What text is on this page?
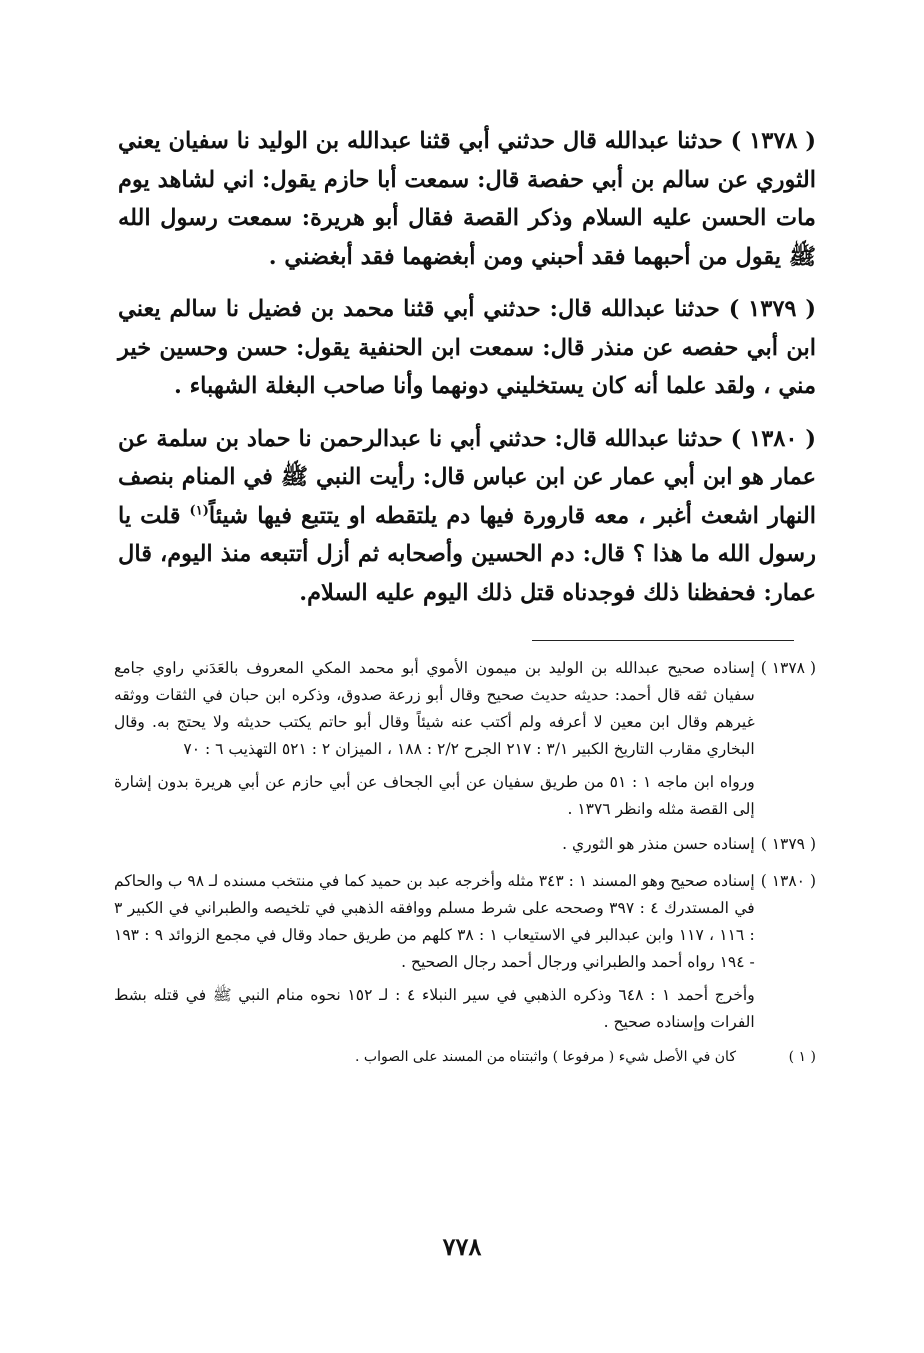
( ١٣٧٨ ) حدثنا عبدالله قال حدثني أبي قثنا عبدالله بن الوليد نا سفيان يعني الثوري عن سالم بن أبي حفصة قال: سمعت أبا حازم يقول: اني لشاهد يوم مات الحسن عليه السلام وذكر القصة فقال أبو هريرة: سمعت رسول الله ﷺ يقول من أحبهما فقد أحبني ومن أبغضهما فقد أبغضني .

( ١٣٧٩ ) حدثنا عبدالله قال: حدثني أبي قثنا محمد بن فضيل نا سالم يعني ابن أبي حفصه عن منذر قال: سمعت ابن الحنفية يقول: حسن وحسين خير مني ، ولقد علما أنه كان يستخليني دونهما وأنا صاحب البغلة الشهباء .

( ١٣٨٠ ) حدثنا عبدالله قال: حدثني أبي نا عبدالرحمن نا حماد بن سلمة عن عمار هو ابن أبي عمار عن ابن عباس قال: رأيت النبي ﷺ في المنام بنصف النهار اشعث أغبر ، معه قارورة فيها دم يلتقطه او يتتبع فيها شيئاً$^{(١)}$ قلت يا رسول الله ما هذا ؟ قال: دم الحسين وأصحابه ثم أزل أتتبعه منذ اليوم، قال عمار: فحفظنا ذلك فوجدناه قتل ذلك اليوم عليه السلام.

( ١٣٧٨ )

إسناده صحيح عبدالله بن الوليد بن ميمون الأموي أبو محمد المكي المعروف بالعَدَني راوي جامع سفيان ثقه قال أحمد: حديثه حديث صحيح وقال أبو زرعة صدوق، وذكره ابن حبان في الثقات ووثقه غيرهم وقال ابن معين لا أعرفه ولم أكتب عنه شيئاً وقال أبو حاتم يكتب حديثه ولا يحتج به. وقال البخاري مقارب التاريخ الكبير ٣/١ : ٢١٧ الجرح ٢/٢ : ١٨٨ ، الميزان ٢ : ٥٢١ التهذيب ٦ : ٧٠

ورواه ابن ماجه ١ : ٥١ من طريق سفيان عن أبي الجحاف عن أبي حازم عن أبي هريرة بدون إشارة إلى القصة مثله وانظر ١٣٧٦ .

( ١٣٧٩ )

إسناده حسن منذر هو الثوري .

( ١٣٨٠ )

إسناده صحيح وهو المسند ١ : ٣٤٣ مثله وأخرجه عبد بن حميد كما في منتخب مسنده لـ ٩٨ ب والحاكم في المستدرك ٤ : ٣٩٧ وصححه على شرط مسلم ووافقه الذهبي في تلخيصه والطبراني في الكبير ٣ : ١١٦ ، ١١٧ وابن عبدالبر في الاستيعاب ١ : ٣٨ كلهم من طريق حماد وقال في مجمع الزوائد ٩ : ١٩٣ - ١٩٤ رواه أحمد والطبراني ورجال أحمد رجال الصحيح .

وأخرج أحمد ١ : ٦٤٨ وذكره الذهبي في سير النبلاء ٤ : لـ ١٥٢ نحوه منام النبي ﷺ في قتله بشط الفرات وإسناده صحيح .

( ١ )

كان في الأصل شيء ( مرفوعا ) واثبتناه من المسند على الصواب .

٧٧٨
